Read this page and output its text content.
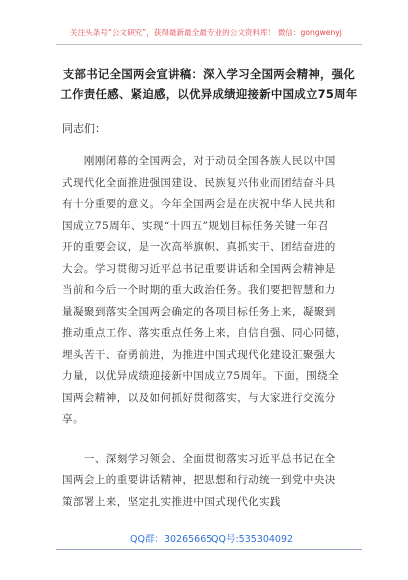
关注头条号“公文研究”，获得最新最全最专业的公文资料库！ 微信：gongwenyj
支部书记全国两会宣讲稿：深入学习全国两会精神，强化
工作责任感、紧迫感，以优异成绩迎接新中国成立75周年
同志们：

　　刚刚闭幕的全国两会，对于动员全国各族人民以中国
式现代化全面推进强国建设、民族复兴伟业而团结奋斗具
有十分重要的意义。今年全国两会是在庆祝中华人民共和
国成立75周年、实现“十四五”规划目标任务关键一年召
开的重要会议，是一次高举旗帜、真抓实干、团结奋进的
大会。学习贯彻习近平总书记重要讲话和全国两会精神是
当前和今后一个时期的重大政治任务。我们要把智慧和力
量凝聚到落实全国两会确定的各项目标任务上来，凝聚到
推动重点工作、落实重点任务上来，自信自强、同心同德，
埋头苦干、奋勇前进，为推进中国式现代化建设汇聚强大
力量，以优异成绩迎接新中国成立75周年。下面，围绕全
国两会精神，以及如何抓好贯彻落实，与大家进行交流分
享。

　　一、深刻学习领会、全面贯彻落实习近平总书记在全
国两会上的重要讲话精神，把思想和行动统一到党中央决
策部署上来，坚定扎实推进中国式现代化实践

QQ群：30265665
QQ号:535304092
